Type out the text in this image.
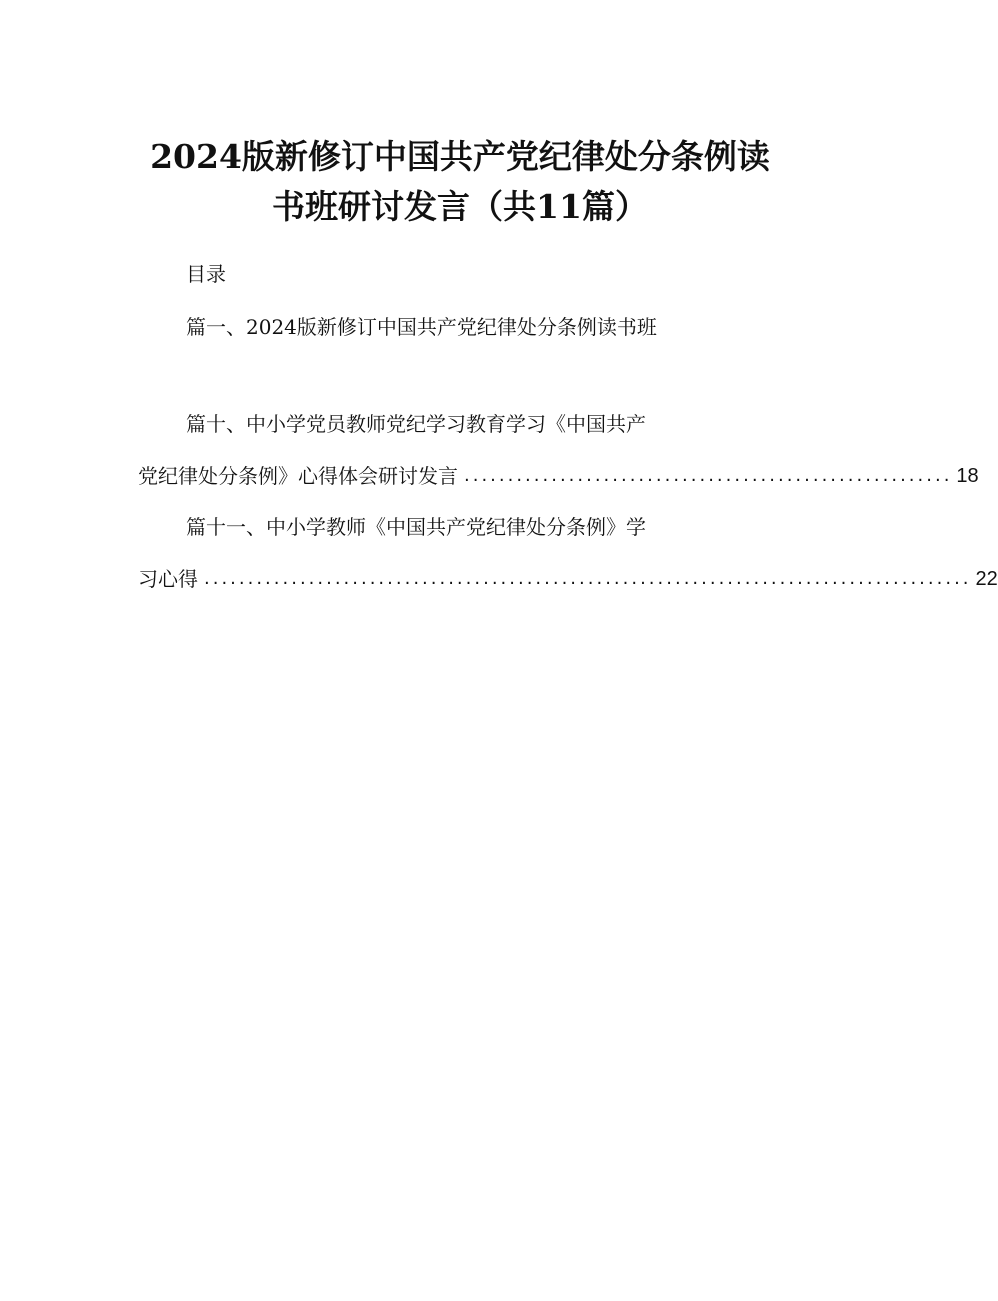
2024版新修订中国共产党纪律处分条例读
书班研讨发言（共11篇）
目录
篇一、2024版新修订中国共产党纪律处分条例读书班
篇十、中小学党员教师党纪学习教育学习《中国共产
党纪律处分条例》心得体会研讨发言 ........................................................ 18
篇十一、中小学教师《中国共产党纪律处分条例》学
习心得 ........................................................................................ 22
